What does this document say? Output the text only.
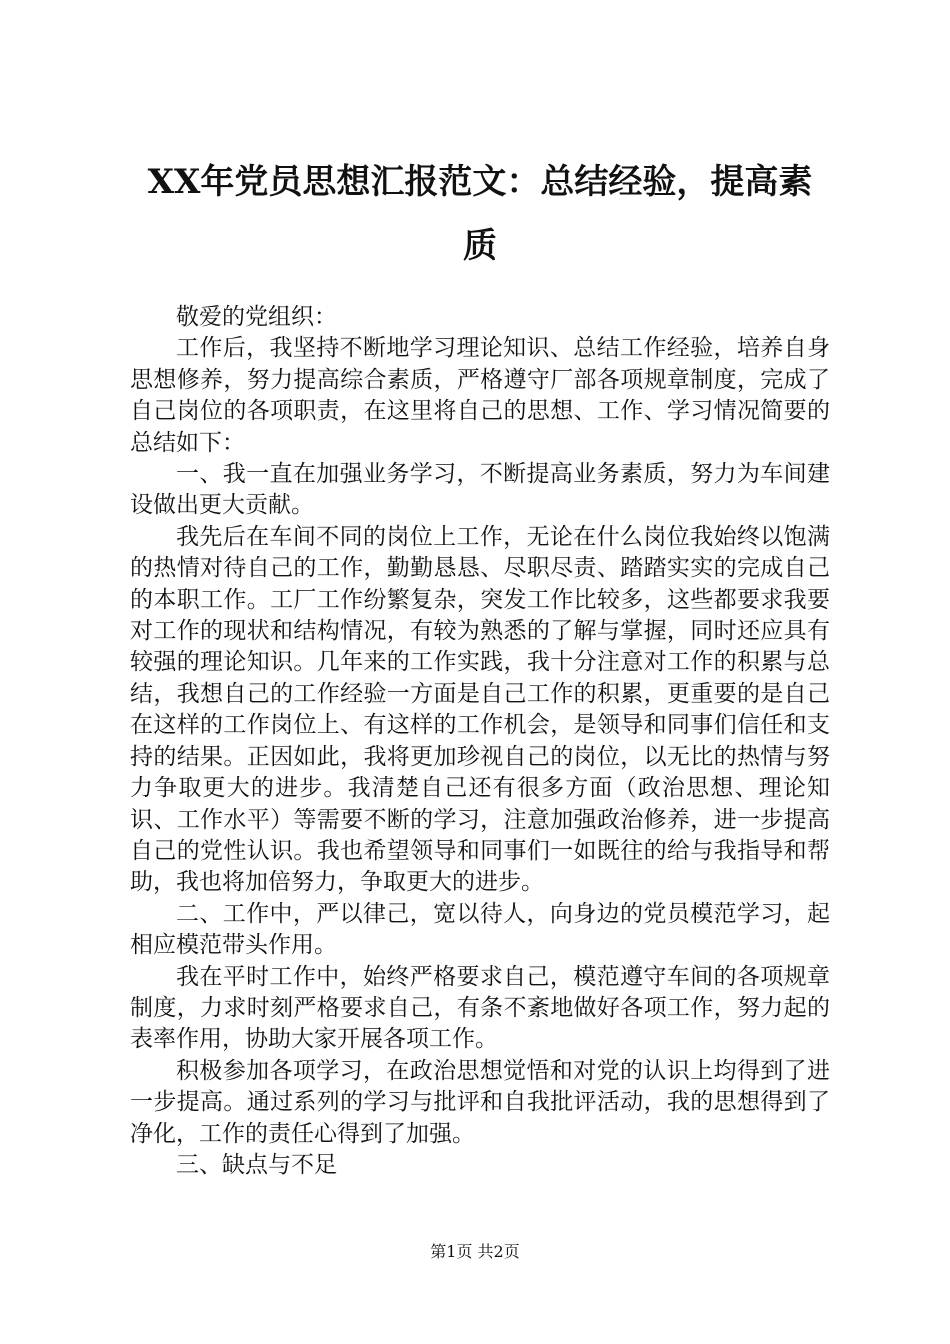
XX年党员思想汇报范文：总结经验，提高素
质

敬爱的党组织：

工作后，我坚持不断地学习理论知识、总结工作经验，培养自身思想修养，努力提高综合素质，严格遵守厂部各项规章制度，完成了自己岗位的各项职责，在这里将自己的思想、工作、学习情况简要的总结如下：

一、我一直在加强业务学习，不断提高业务素质，努力为车间建设做出更大贡献。

我先后在车间不同的岗位上工作，无论在什么岗位我始终以饱满的热情对待自己的工作，勤勤恳恳、尽职尽责、踏踏实实的完成自己的本职工作。工厂工作纷繁复杂，突发工作比较多，这些都要求我要对工作的现状和结构情况，有较为熟悉的了解与掌握，同时还应具有较强的理论知识。几年来的工作实践，我十分注意对工作的积累与总结，我想自己的工作经验一方面是自己工作的积累，更重要的是自己在这样的工作岗位上、有这样的工作机会，是领导和同事们信任和支持的结果。正因如此，我将更加珍视自己的岗位，以无比的热情与努力争取更大的进步。我清楚自己还有很多方面（政治思想、理论知识、工作水平）等需要不断的学习，注意加强政治修养，进一步提高自己的党性认识。我也希望领导和同事们一如既往的给与我指导和帮助，我也将加倍努力，争取更大的进步。

二、工作中，严以律己，宽以待人，向身边的党员模范学习，起相应模范带头作用。

我在平时工作中，始终严格要求自己，模范遵守车间的各项规章制度，力求时刻严格要求自己，有条不紊地做好各项工作，努力起的表率作用，协助大家开展各项工作。

积极参加各项学习，在政治思想觉悟和对党的认识上均得到了进一步提高。通过系列的学习与批评和自我批评活动，我的思想得到了净化，工作的责任心得到了加强。

三、缺点与不足

第1页 共2页
